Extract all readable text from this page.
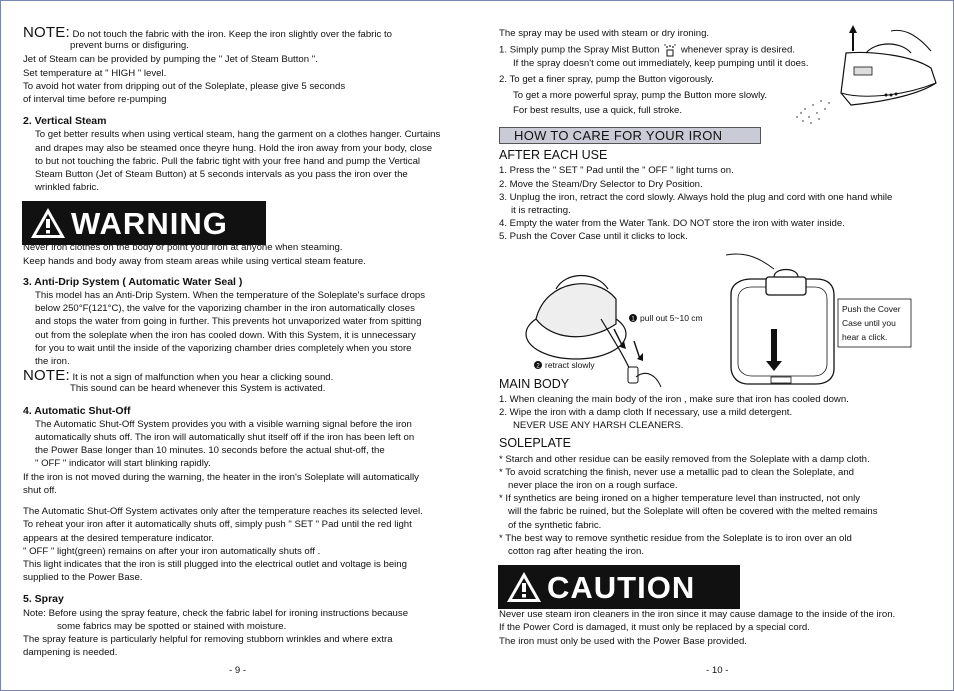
NOTE: Do not touch the fabric with the iron. Keep the iron slightly over the fabric to
prevent burns or disfiguring.
Jet of Steam can be provided by pumping the " Jet of Steam Button ".
Set temperature at " HIGH " level.
To avoid hot water from dripping out of the Soleplate, please give 5 seconds
of interval time before re-pumping
2. Vertical Steam
To get better results when using vertical steam, hang the garment on a clothes hanger. Curtains
and drapes may also be steamed once theyre hung. Hold the iron away from your body, close
to but not touching the fabric. Pull the fabric tight with your free hand and pump the Vertical
Steam Button (Jet of Steam Button) at 5 seconds intervals as you pass the iron over the
wrinkled fabric.
WARNING
Never iron clothes on the body or point your iron at anyone when steaming.
Keep hands and body away from steam areas while using vertical steam feature.
3. Anti-Drip System ( Automatic Water Seal )
This model has an Anti-Drip System. When the temperature of the Soleplate's surface drops
below 250°F(121°C), the valve for the vaporizing chamber in the iron automatically closes
and stops the water from going in further. This prevents hot unvaporized water from spitting
out from the soleplate when the iron has cooled down. With this System, it is unnecessary
for you to wait until the inside of the vaporizing chamber dries completely when you store
the iron.
NOTE: It is not a sign of malfunction when you hear a clicking sound.
This sound can be heard whenever this System is activated.
4. Automatic Shut-Off
The Automatic Shut-Off System provides you with a visible warning signal before the iron
automatically shuts off. The iron will automatically shut itself off if the iron has been left on
the Power Base longer than 10 minutes. 10 seconds before the actual shut-off, the
" OFF " indicator will start blinking rapidly.
If the iron is not moved during the warning, the heater in the iron's Soleplate will automatically
shut off.
The Automatic Shut-Off System activates only after the temperature reaches its selected level.
To reheat your iron after it automatically shuts off, simply push " SET " Pad until the red light
appears at the desired temperature indicator.
" OFF " light(green) remains on after your iron automatically shuts off .
This light indicates that the iron is still plugged into the electrical outlet and voltage is being
supplied to the Power Base.
5. Spray
Note: Before using the spray feature, check the fabric label for ironing instructions because
some fabrics may be spotted or stained with moisture.
The spray feature is particularly helpful for removing stubborn wrinkles and where extra
dampening is needed.
- 9 -
The spray may be used with steam or dry ironing.
1. Simply pump the Spray Mist Button whenever spray is desired.
If the spray doesn't come out immediately, keep pumping until it does.
2. To get a finer spray, pump the Button vigorously.
To get a more powerful spray, pump the Button more slowly.
For best results, use a quick, full stroke.
HOW TO CARE FOR YOUR IRON
AFTER EACH USE
1. Press the " SET " Pad until the " OFF " light turns on.
2. Move the Steam/Dry Selector to Dry Position.
3. Unplug the iron, retract the cord slowly. Always hold the plug and cord with one hand while
it is retracting.
4. Empty the water from the Water Tank. DO NOT store the iron with water inside.
5. Push the Cover Case until it clicks to lock.
MAIN BODY
1. When cleaning the main body of the iron , make sure that iron has cooled down.
2. Wipe the iron with a damp cloth If necessary, use a mild detergent.
NEVER USE ANY HARSH CLEANERS.
SOLEPLATE
* Starch and other residue can be easily removed from the Soleplate with a damp cloth.
* To avoid scratching the finish, never use a metallic pad to clean the Soleplate, and
never place the iron on a rough surface.
* If synthetics are being ironed on a higher temperature level than instructed, not only
will the fabric be ruined, but the Soleplate will often be covered with the melted remains
of the synthetic fabric.
* The best way to remove synthetic residue from the Soleplate is to iron over an old
cotton rag after heating the iron.
CAUTION
Never use steam iron cleaners in the iron since it may cause damage to the inside of the iron.
If the Power Cord is damaged, it must only be replaced by a special cord.
The iron must only be used with the Power Base provided.
- 10 -
1 pull out 5~10 cm
2 retract slowly
Push the Cover
Case until you
hear a click.
